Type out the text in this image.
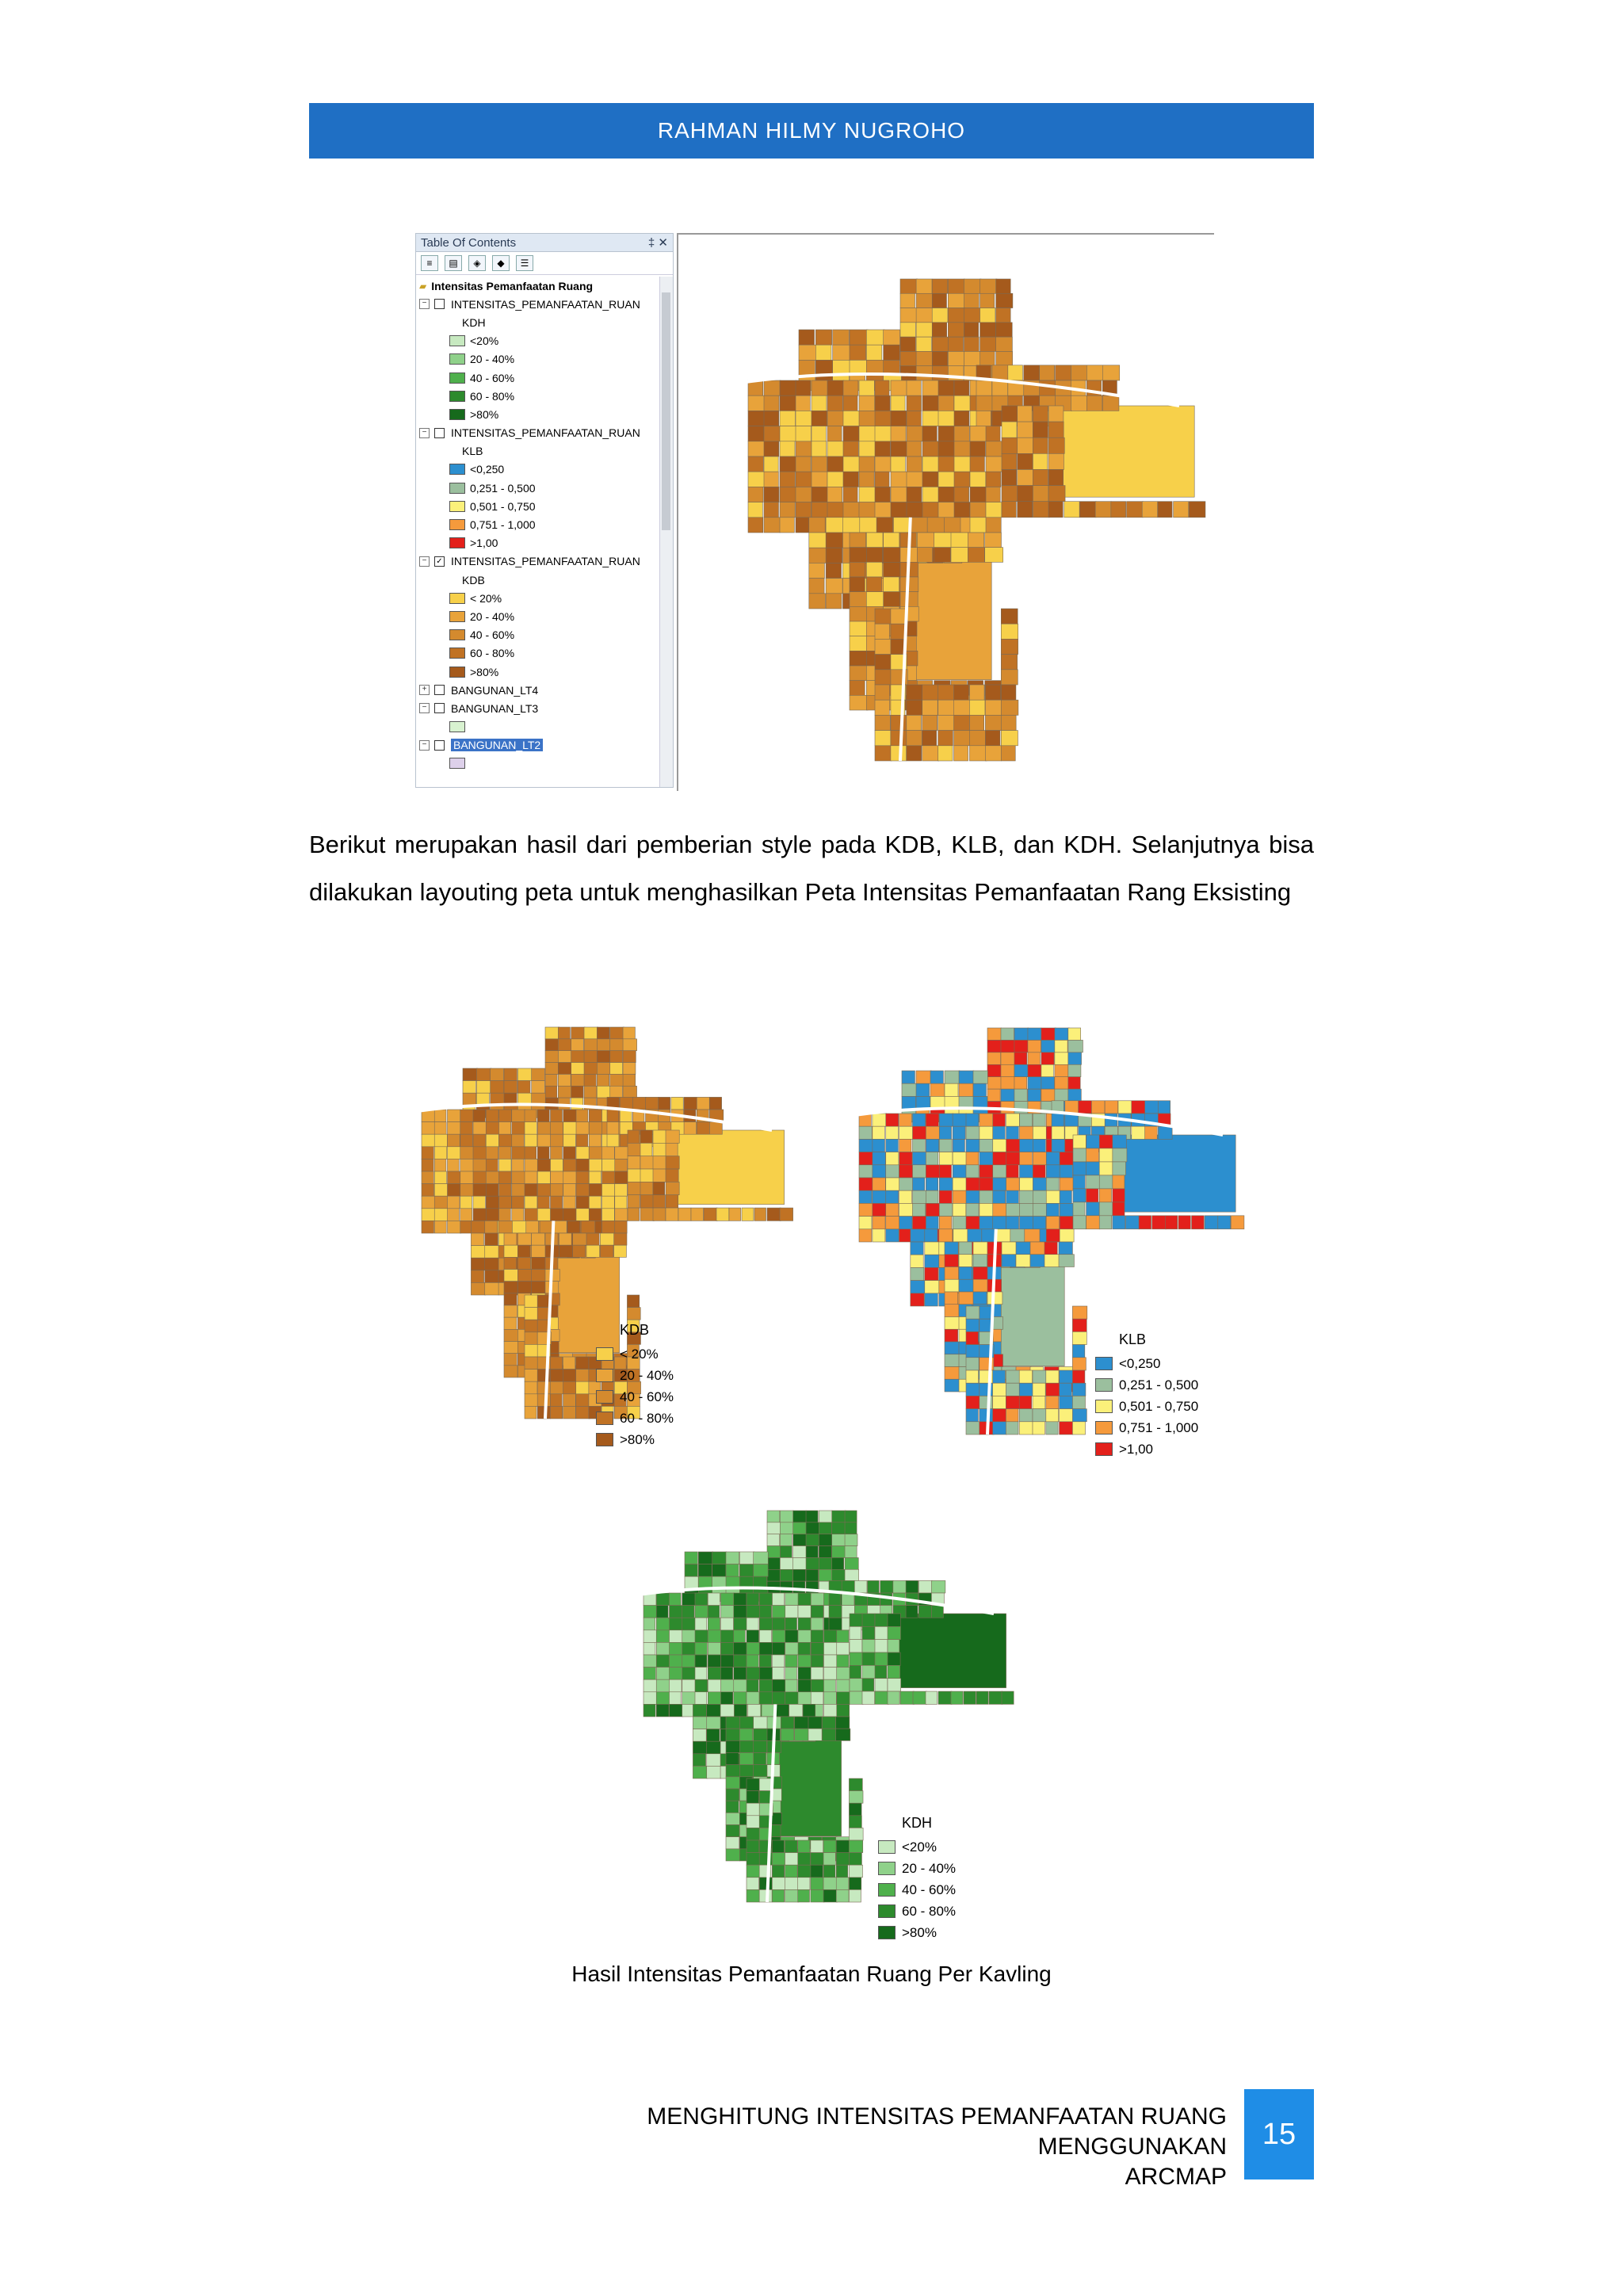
RAHMAN HILMY NUGROHO
Table Of Contents	‡ ✕
≡	▤	◈	◆	☰
▰ Intensitas Pemanfaatan Ruang
− INTENSITAS_PEMANFAATAN_RUAN
KDH
<20%
20 - 40%
40 - 60%
60 - 80%
>80%
− INTENSITAS_PEMANFAATAN_RUAN
KLB
<0,250
0,251 - 0,500
0,501 - 0,750
0,751 - 1,000
>1,00
−	✓ INTENSITAS_PEMANFAATAN_RUAN
KDB
< 20%
20 - 40%
40 - 60%
60 - 80%
>80%
+ BANGUNAN_LT4
− BANGUNAN_LT3
− BANGUNAN_LT2
Berikut merupakan hasil dari pemberian style pada KDB, KLB, dan KDH. Selanjutnya bisa dilakukan layouting peta untuk menghasilkan Peta Intensitas Pemanfaatan Rang Eksisting
KDB
< 20%
20 - 40%
40 - 60%
60 - 80%
>80%
KLB
<0,250
0,251 - 0,500
0,501 - 0,750
0,751 - 1,000
>1,00
KDH
<20%
20 - 40%
40 - 60%
60 - 80%
>80%
Hasil Intensitas Pemanfaatan Ruang Per Kavling
MENGHITUNG INTENSITAS PEMANFAATAN RUANG MENGGUNAKAN
ARCMAP
15
